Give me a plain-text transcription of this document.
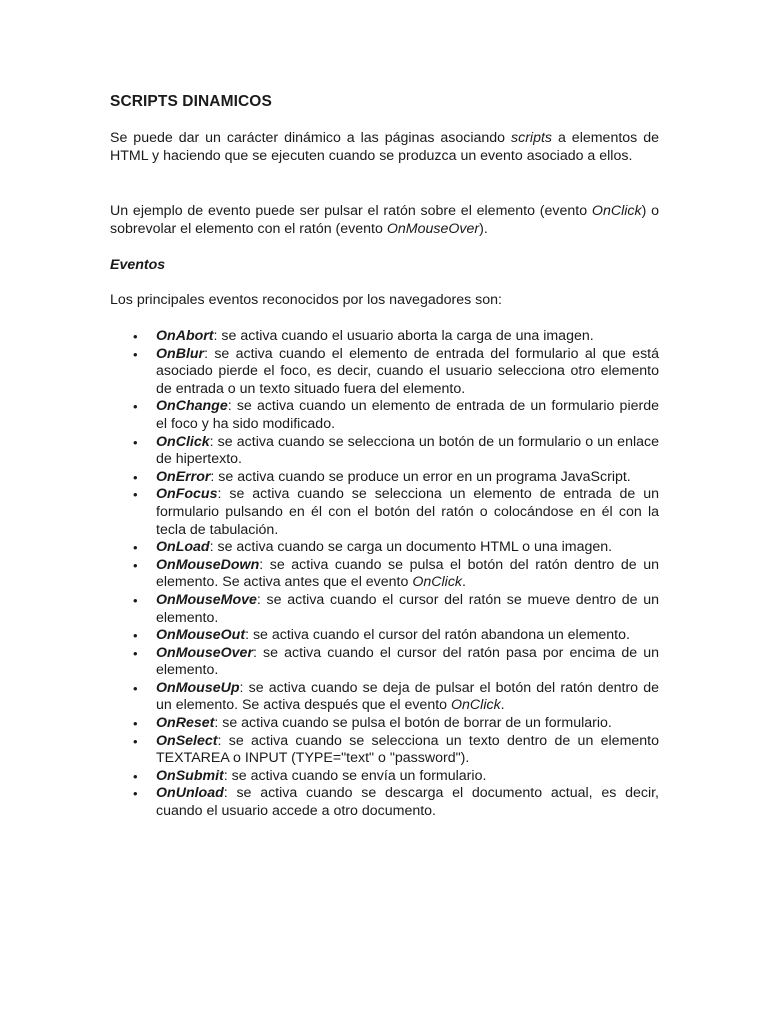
SCRIPTS DINAMICOS

Se puede dar un carácter dinámico a las páginas asociando scripts a elementos de HTML y haciendo que se ejecuten cuando se produzca un evento asociado a ellos.

Un ejemplo de evento puede ser pulsar el ratón sobre el elemento (evento OnClick) o sobrevolar el elemento con el ratón (evento OnMouseOver).

Eventos

Los principales eventos reconocidos por los navegadores son:

• OnAbort: se activa cuando el usuario aborta la carga de una imagen.
• OnBlur: se activa cuando el elemento de entrada del formulario al que está asociado pierde el foco, es decir, cuando el usuario selecciona otro elemento de entrada o un texto situado fuera del elemento.
• OnChange: se activa cuando un elemento de entrada de un formulario pierde el foco y ha sido modificado.
• OnClick: se activa cuando se selecciona un botón de un formulario o un enlace de hipertexto.
• OnError: se activa cuando se produce un error en un programa JavaScript.
• OnFocus: se activa cuando se selecciona un elemento de entrada de un formulario pulsando en él con el botón del ratón o colocándose en él con la tecla de tabulación.
• OnLoad: se activa cuando se carga un documento HTML o una imagen.
• OnMouseDown: se activa cuando se pulsa el botón del ratón dentro de un elemento. Se activa antes que el evento OnClick.
• OnMouseMove: se activa cuando el cursor del ratón se mueve dentro de un elemento.
• OnMouseOut: se activa cuando el cursor del ratón abandona un elemento.
• OnMouseOver: se activa cuando el cursor del ratón pasa por encima de un elemento.
• OnMouseUp: se activa cuando se deja de pulsar el botón del ratón dentro de un elemento. Se activa después que el evento OnClick.
• OnReset: se activa cuando se pulsa el botón de borrar de un formulario.
• OnSelect: se activa cuando se selecciona un texto dentro de un elemento TEXTAREA o INPUT (TYPE="text" o "password").
• OnSubmit: se activa cuando se envía un formulario.
• OnUnload: se activa cuando se descarga el documento actual, es decir, cuando el usuario accede a otro documento.
